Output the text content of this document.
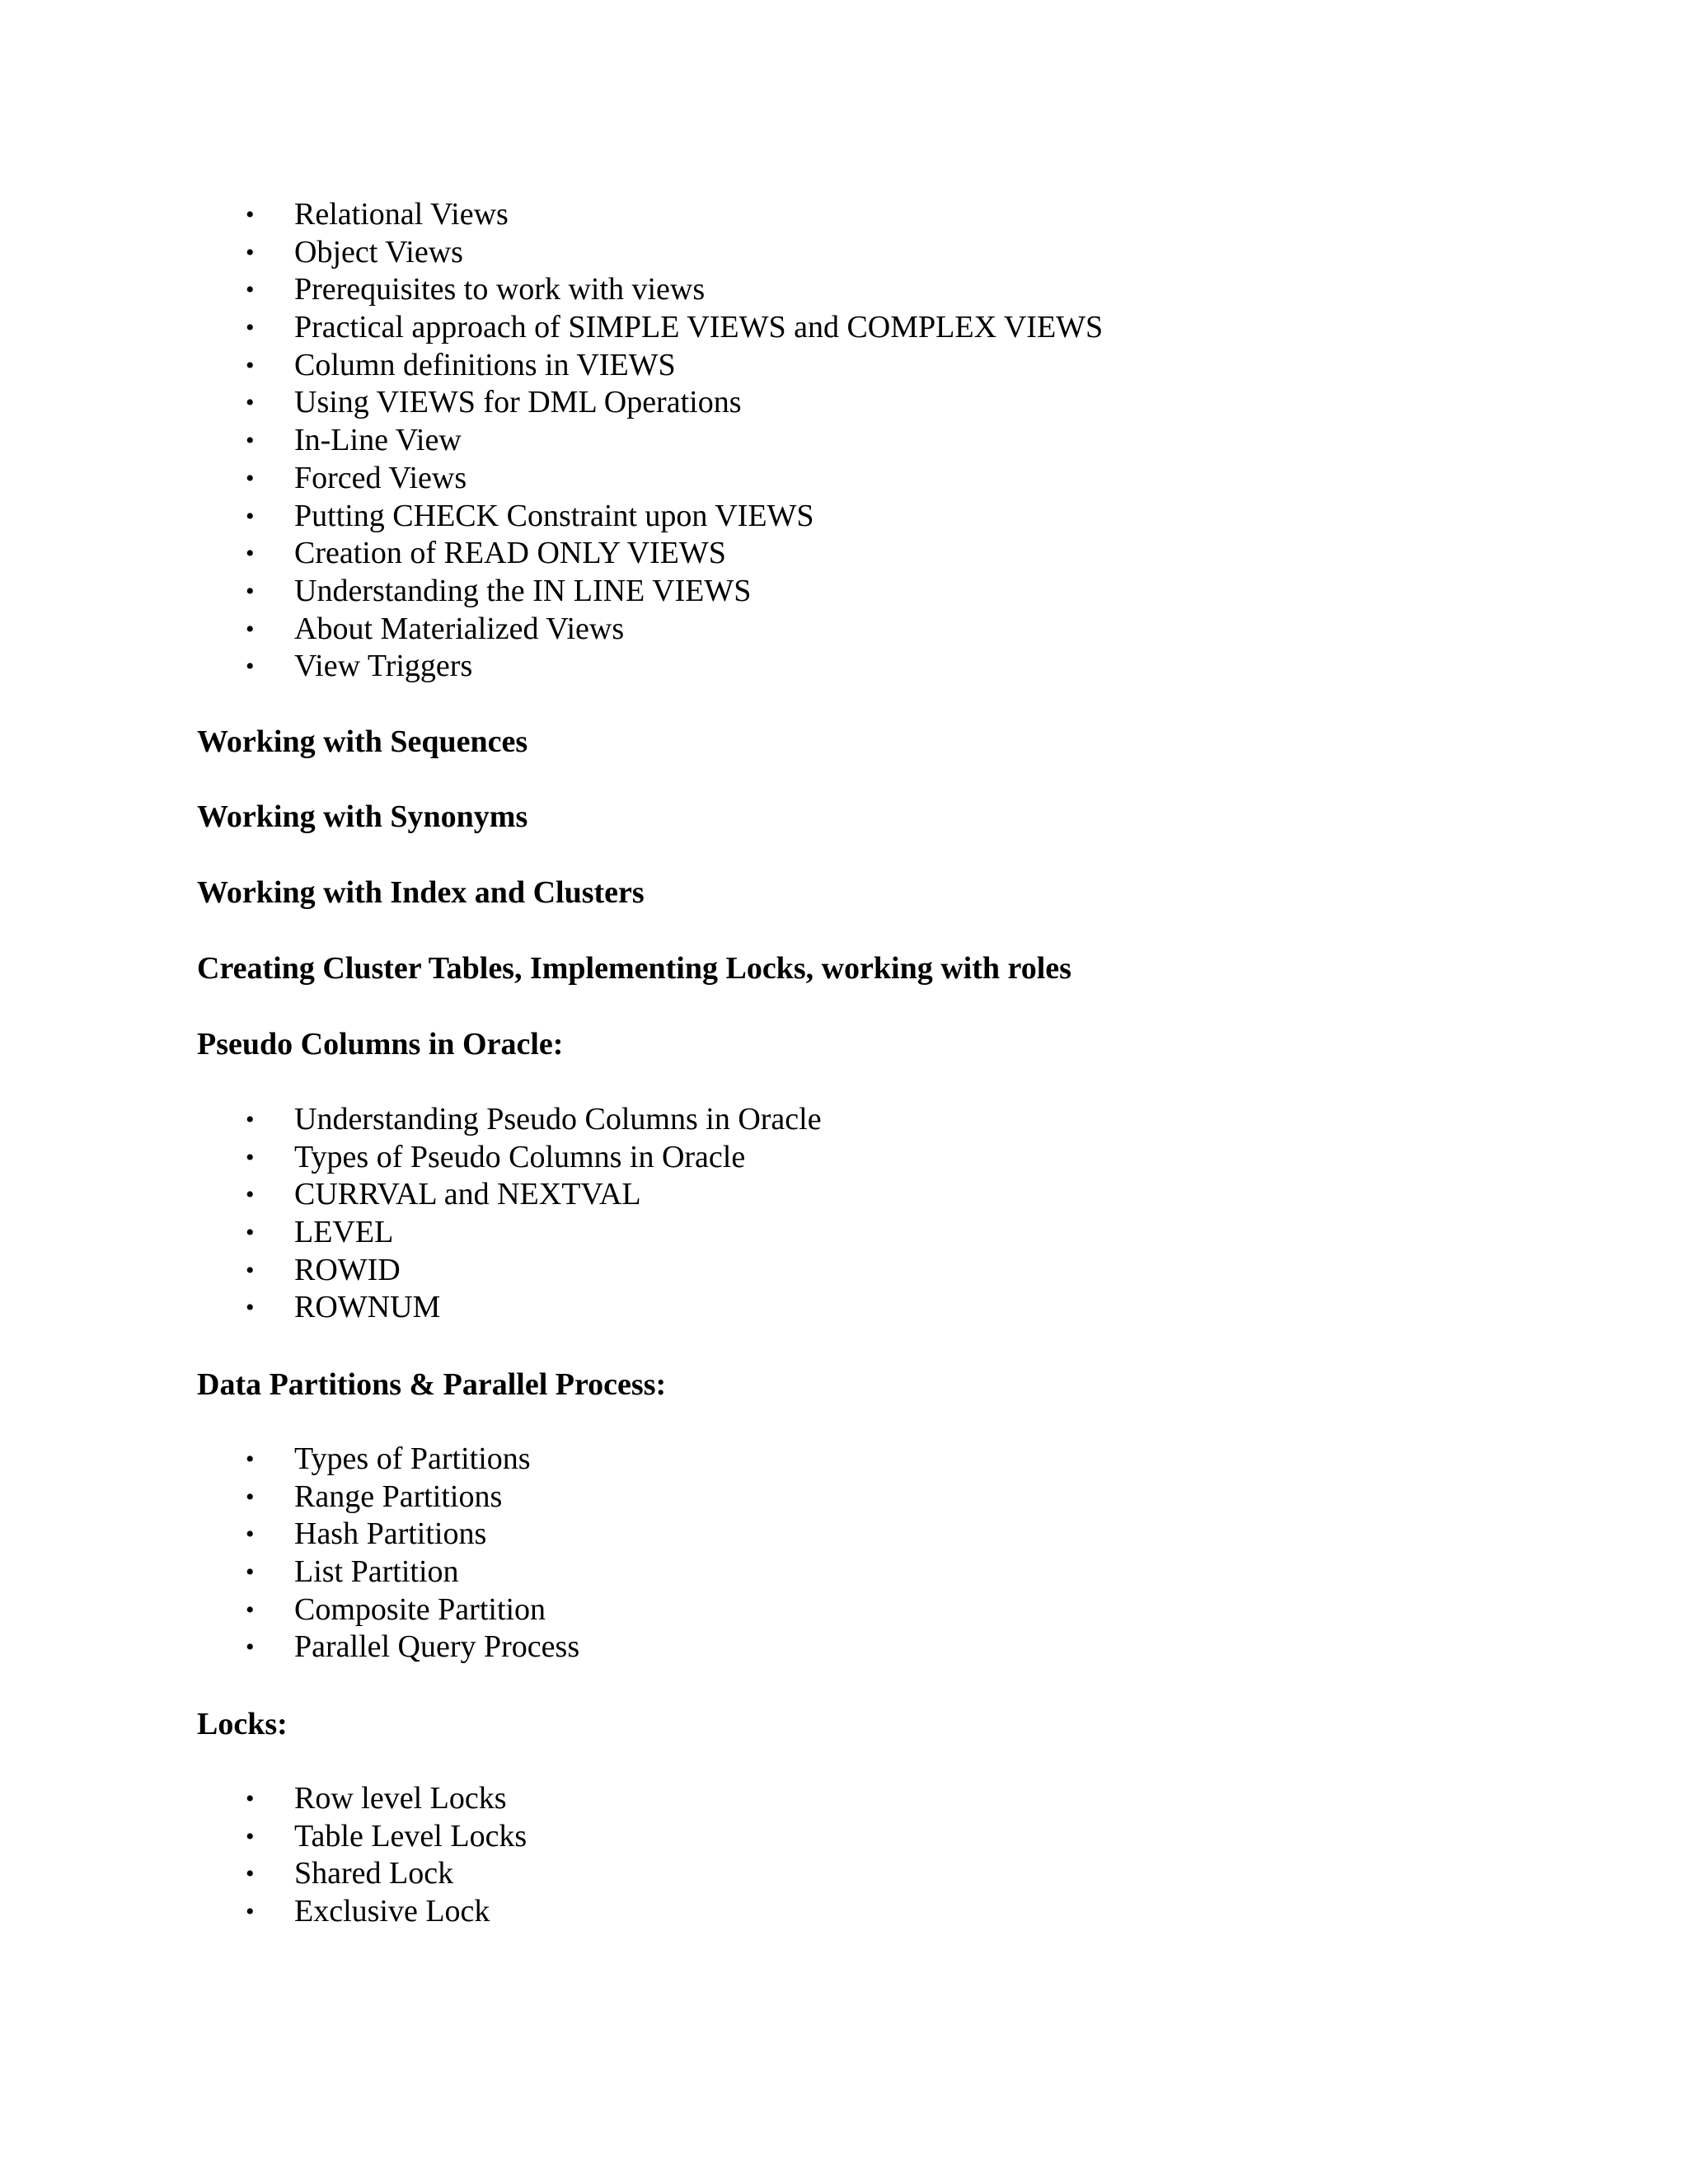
• Relational Views
• Object Views
• Prerequisites to work with views
• Practical approach of SIMPLE VIEWS and COMPLEX VIEWS
• Column definitions in VIEWS
• Using VIEWS for DML Operations
• In-Line View
• Forced Views
• Putting CHECK Constraint upon VIEWS
• Creation of READ ONLY VIEWS
• Understanding the IN LINE VIEWS
• About Materialized Views
• View Triggers
Working with Sequences
Working with Synonyms
Working with Index and Clusters
Creating Cluster Tables, Implementing Locks, working with roles
Pseudo Columns in Oracle:
• Understanding Pseudo Columns in Oracle
• Types of Pseudo Columns in Oracle
• CURRVAL and NEXTVAL
• LEVEL
• ROWID
• ROWNUM
Data Partitions & Parallel Process:
• Types of Partitions
• Range Partitions
• Hash Partitions
• List Partition
• Composite Partition
• Parallel Query Process
Locks:
• Row level Locks
• Table Level Locks
• Shared Lock
• Exclusive Lock
